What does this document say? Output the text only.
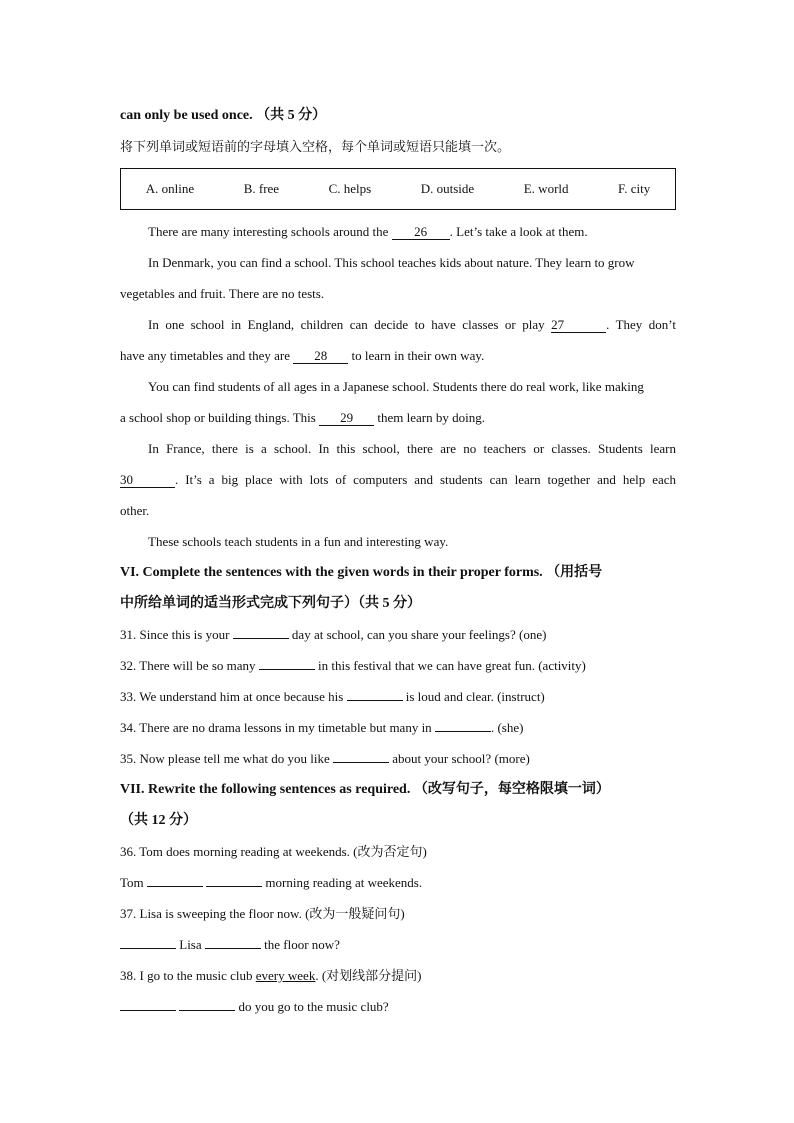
can only be used once. （共 5 分）
将下列单词或短语前的字母填入空格，每个单词或短语只能填一次。
A. online	B. free	C. helps	D. outside	E. world	F. city
There are many interesting schools around the 26 . Let’s take a look at them.
In Denmark, you can find a school. This school teaches kids about nature. They learn to grow
vegetables and fruit. There are no tests.
In one school in England, children can decide to have classes or play 27	. They don’t
have any timetables and they are 28 to learn in their own way.
You can find students of all ages in a Japanese school. Students there do real work, like making
a school shop or building things. This 29 them learn by doing.
In France, there is a school. In this school, there are no teachers or classes. Students learn
30	. It’s a big place with lots of computers and students can learn together and help each
other.
These schools teach students in a fun and interesting way.
VI. Complete the sentences with the given words in their proper forms. （用括号
中所给单词的适当形式完成下列句子）（共 5 分）
31. Since this is your	day at school, can you share your feelings? (one)
32. There will be so many	in this festival that we can have great fun. (activity)
33. We understand him at once because his	is loud and clear. (instruct)
34. There are no drama lessons in my timetable but many in	. (she)
35. Now please tell me what do you like	about your school? (more)
VII. Rewrite the following sentences as required. （改写句子，每空格限填一词）
（共 12 分）
36. Tom does morning reading at weekends. (改为否定句)
Tom	morning reading at weekends.
37. Lisa is sweeping the floor now. (改为一般疑问句)
Lisa	the floor now?
38. I go to the music club every week. (对划线部分提问)
do you go to the music club?
